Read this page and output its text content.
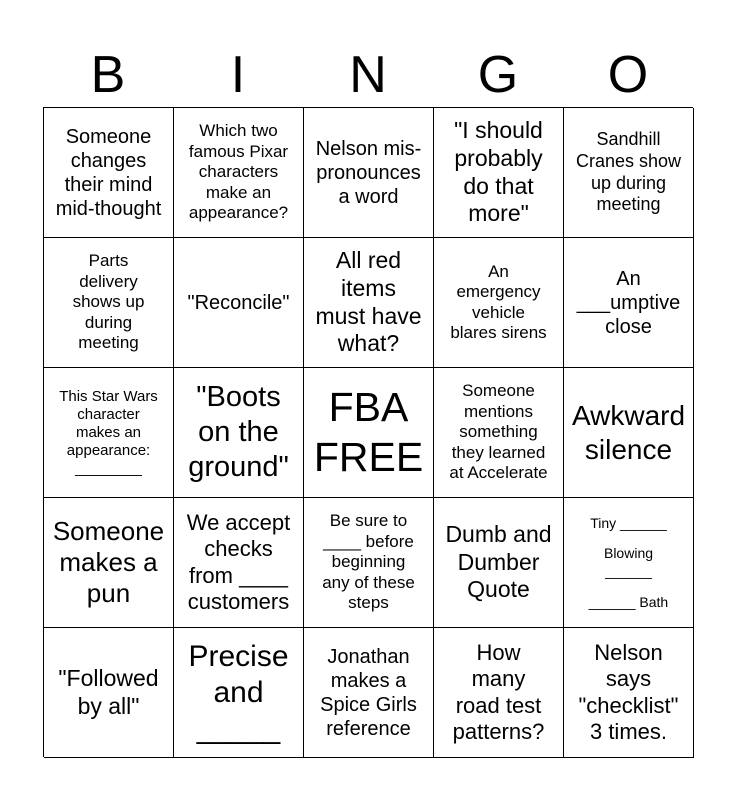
B	I	N	G	O
Someone
changes
their mind
mid-thought
Which two
famous Pixar
characters
make an
appearance?
Nelson mis-
pronounces
a word
"I should
probably
do that
more"
Sandhill
Cranes show
up during
meeting
Parts
delivery
shows up
during
meeting
"Reconcile"
All red
items
must have
what?
An
emergency
vehicle
blares sirens
An
___umptive
close
This Star Wars
character
makes an
appearance:
________
"Boots
on the
ground"
FBA
FREE
Someone
mentions
something
they learned
at Accelerate
Awkward
silence
Someone
makes a
pun
We accept
checks
from ____
customers
Be sure to
____ before
beginning
any of these
steps
Dumb and
Dumber
Quote
Tiny ______
Blowing
______
______ Bath
"Followed
by all"
Precise
and
_____
Jonathan
makes a
Spice Girls
reference
How
many
road test
patterns?
Nelson
says
"checklist"
3 times.
